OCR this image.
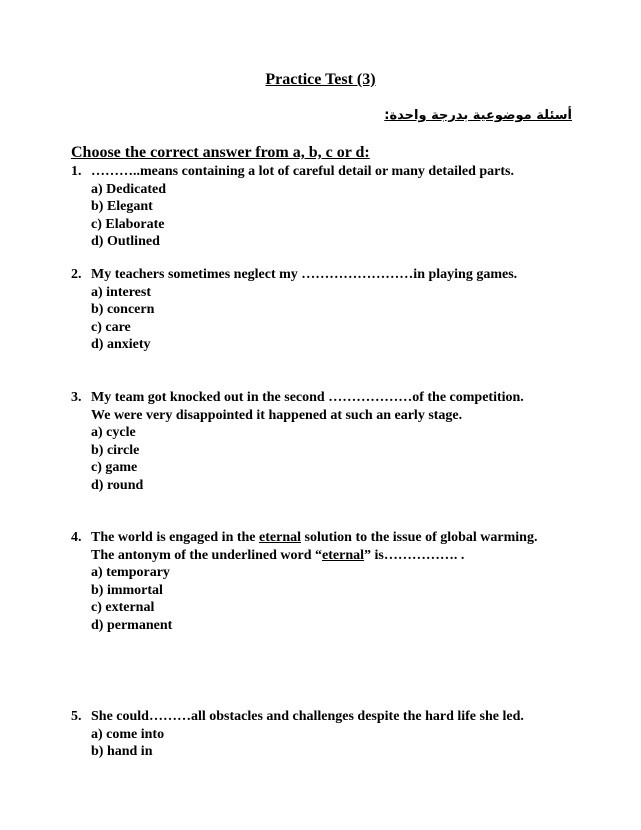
Practice Test (3)
أسئلة موضوعية بدرجة واحدة:
Choose the correct answer from a, b, c or d:
1. ………..means containing a lot of careful detail or many detailed parts.
a) Dedicated
b) Elegant
c) Elaborate
d) Outlined
2. My teachers sometimes neglect my ……………………in playing games.
a) interest
b) concern
c) care
d) anxiety
3. My team got knocked out in the second ………………of the competition.
We were very disappointed it happened at such an early stage.
a) cycle
b) circle
c) game
d) round
4. The world is engaged in the eternal solution to the issue of global warming.
The antonym of the underlined word “eternal” is……………. .
a) temporary
b) immortal
c) external
d) permanent
5. She could………all obstacles and challenges despite the hard life she led.
a) come into
b) hand in
